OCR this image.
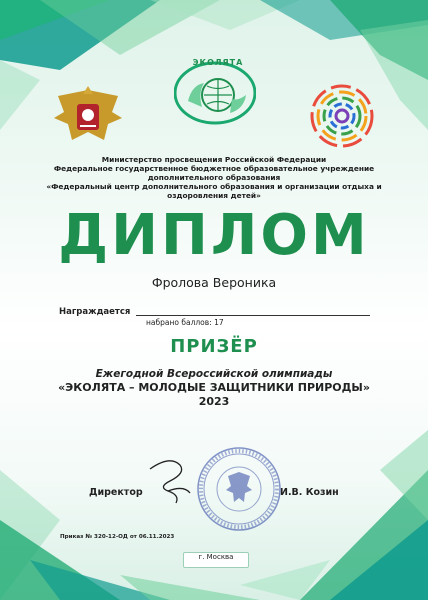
ЭКОЛЯТА
Министерство просвещения Российской Федерации
Федеральное государственное бюджетное образовательное учреждение
дополнительного образования
«Федеральный центр дополнительного образования и организации отдыха и
оздоровления детей»
ДИПЛОМ
Фролова Вероника
Награждается
набрано баллов: 17
ПРИЗЁР
Ежегодной Всероссийской олимпиады
«ЭКОЛЯТА – МОЛОДЫЕ ЗАЩИТНИКИ ПРИРОДЫ»
2023
Директор	И.В. Козин
Приказ № 320-12-ОД от 06.11.2023
г. Москва
